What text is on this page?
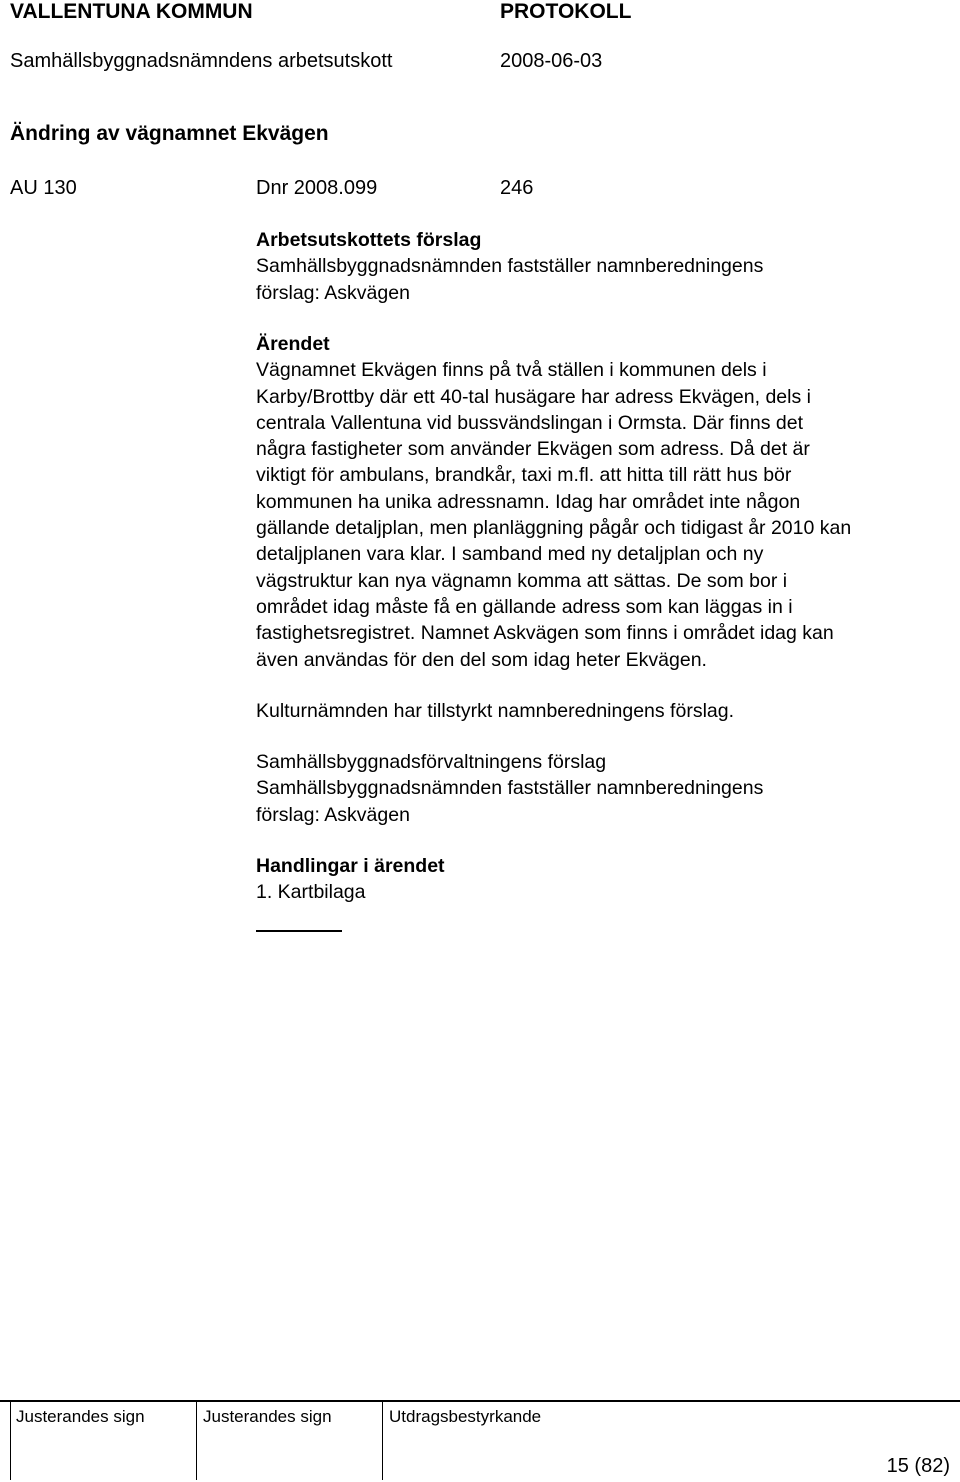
VALLENTUNA KOMMUN	PROTOKOLL
Samhällsbyggnadsnämndens arbetsutskott	2008-06-03
Ändring av vägnamnet Ekvägen
AU 130	Dnr 2008.099	246
Arbetsutskottets förslag
Samhällsbyggnadsnämnden fastställer namnberedningens
förslag: Askvägen
Ärendet
Vägnamnet Ekvägen finns på två ställen i kommunen dels i
Karby/Brottby där ett 40-tal husägare har adress Ekvägen, dels i
centrala Vallentuna vid bussvändslingan i Ormsta. Där finns det
några fastigheter som använder Ekvägen som adress. Då det är
viktigt för ambulans, brandkår, taxi m.fl. att hitta till rätt hus bör
kommunen ha unika adressnamn. Idag har området inte någon
gällande detaljplan, men planläggning pågår och tidigast år 2010 kan
detaljplanen vara klar. I samband med ny detaljplan och ny
vägstruktur kan nya vägnamn komma att sättas. De som bor i
området idag måste få en gällande adress som kan läggas in i
fastighetsregistret. Namnet Askvägen som finns i området idag kan
även användas för den del som idag heter Ekvägen.
Kulturnämnden har tillstyrkt namnberedningens förslag.
Samhällsbyggnadsförvaltningens förslag
Samhällsbyggnadsnämnden fastställer namnberedningens
förslag: Askvägen
Handlingar i ärendet
1. Kartbilaga
Justerandes sign	Justerandes sign	Utdragsbestyrkande
15 (82)
